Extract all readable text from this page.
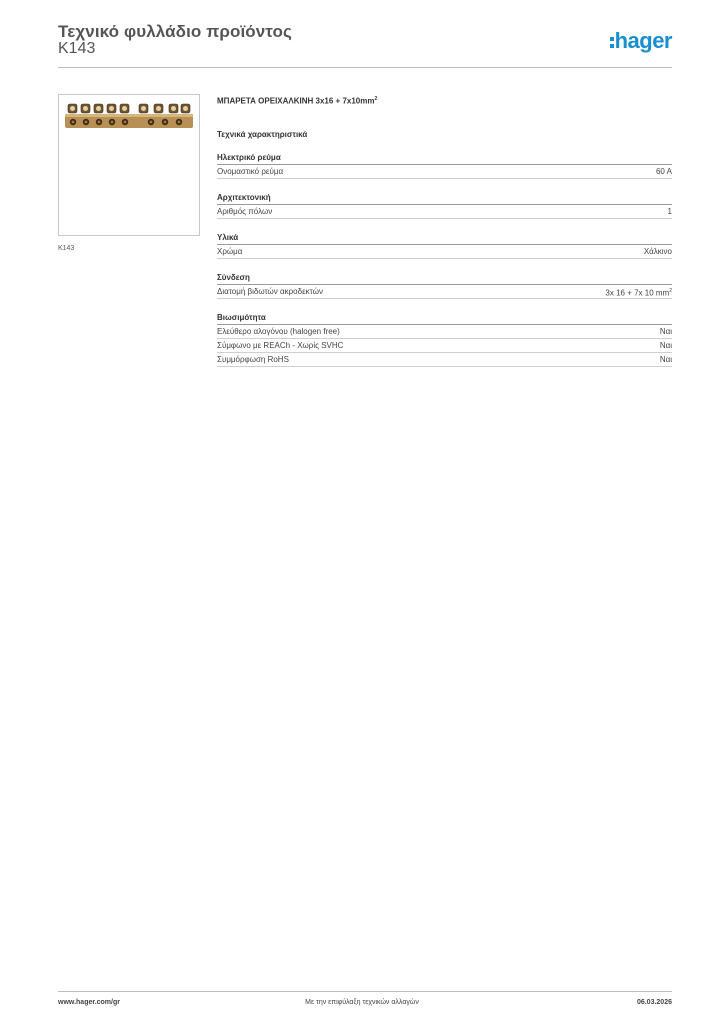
Τεχνικό φυλλάδιο προϊόντος
K143	hager
K143
ΜΠΑΡΕΤΑ ΟΡΕΙΧΑΛΚΙΝΗ $3x16 + 7x10mm^2$
Τεχνικά χαρακτηριστικά
Ηλεκτρικό ρεύμα
Ονομαστικό ρεύμα	60 A
Αρχιτεκτονική
Αριθμός πόλων	1
Υλικά
Χρώμα	Χάλκινο
Σύνδεση
Διατομή βιδωτών ακροδεκτών	3x 16 + 7x 10 $mm^2$
Βιωσιμότητα
Ελεύθερο αλογόνου (halogen free)	Ναι
Σύμφωνο με REACh - Χωρίς SVHC	Ναι
Συμμόρφωση RoHS	Ναι
www.hager.com/gr	Με την επιφύλαξη τεχνικών αλλαγών	06.03.2026
